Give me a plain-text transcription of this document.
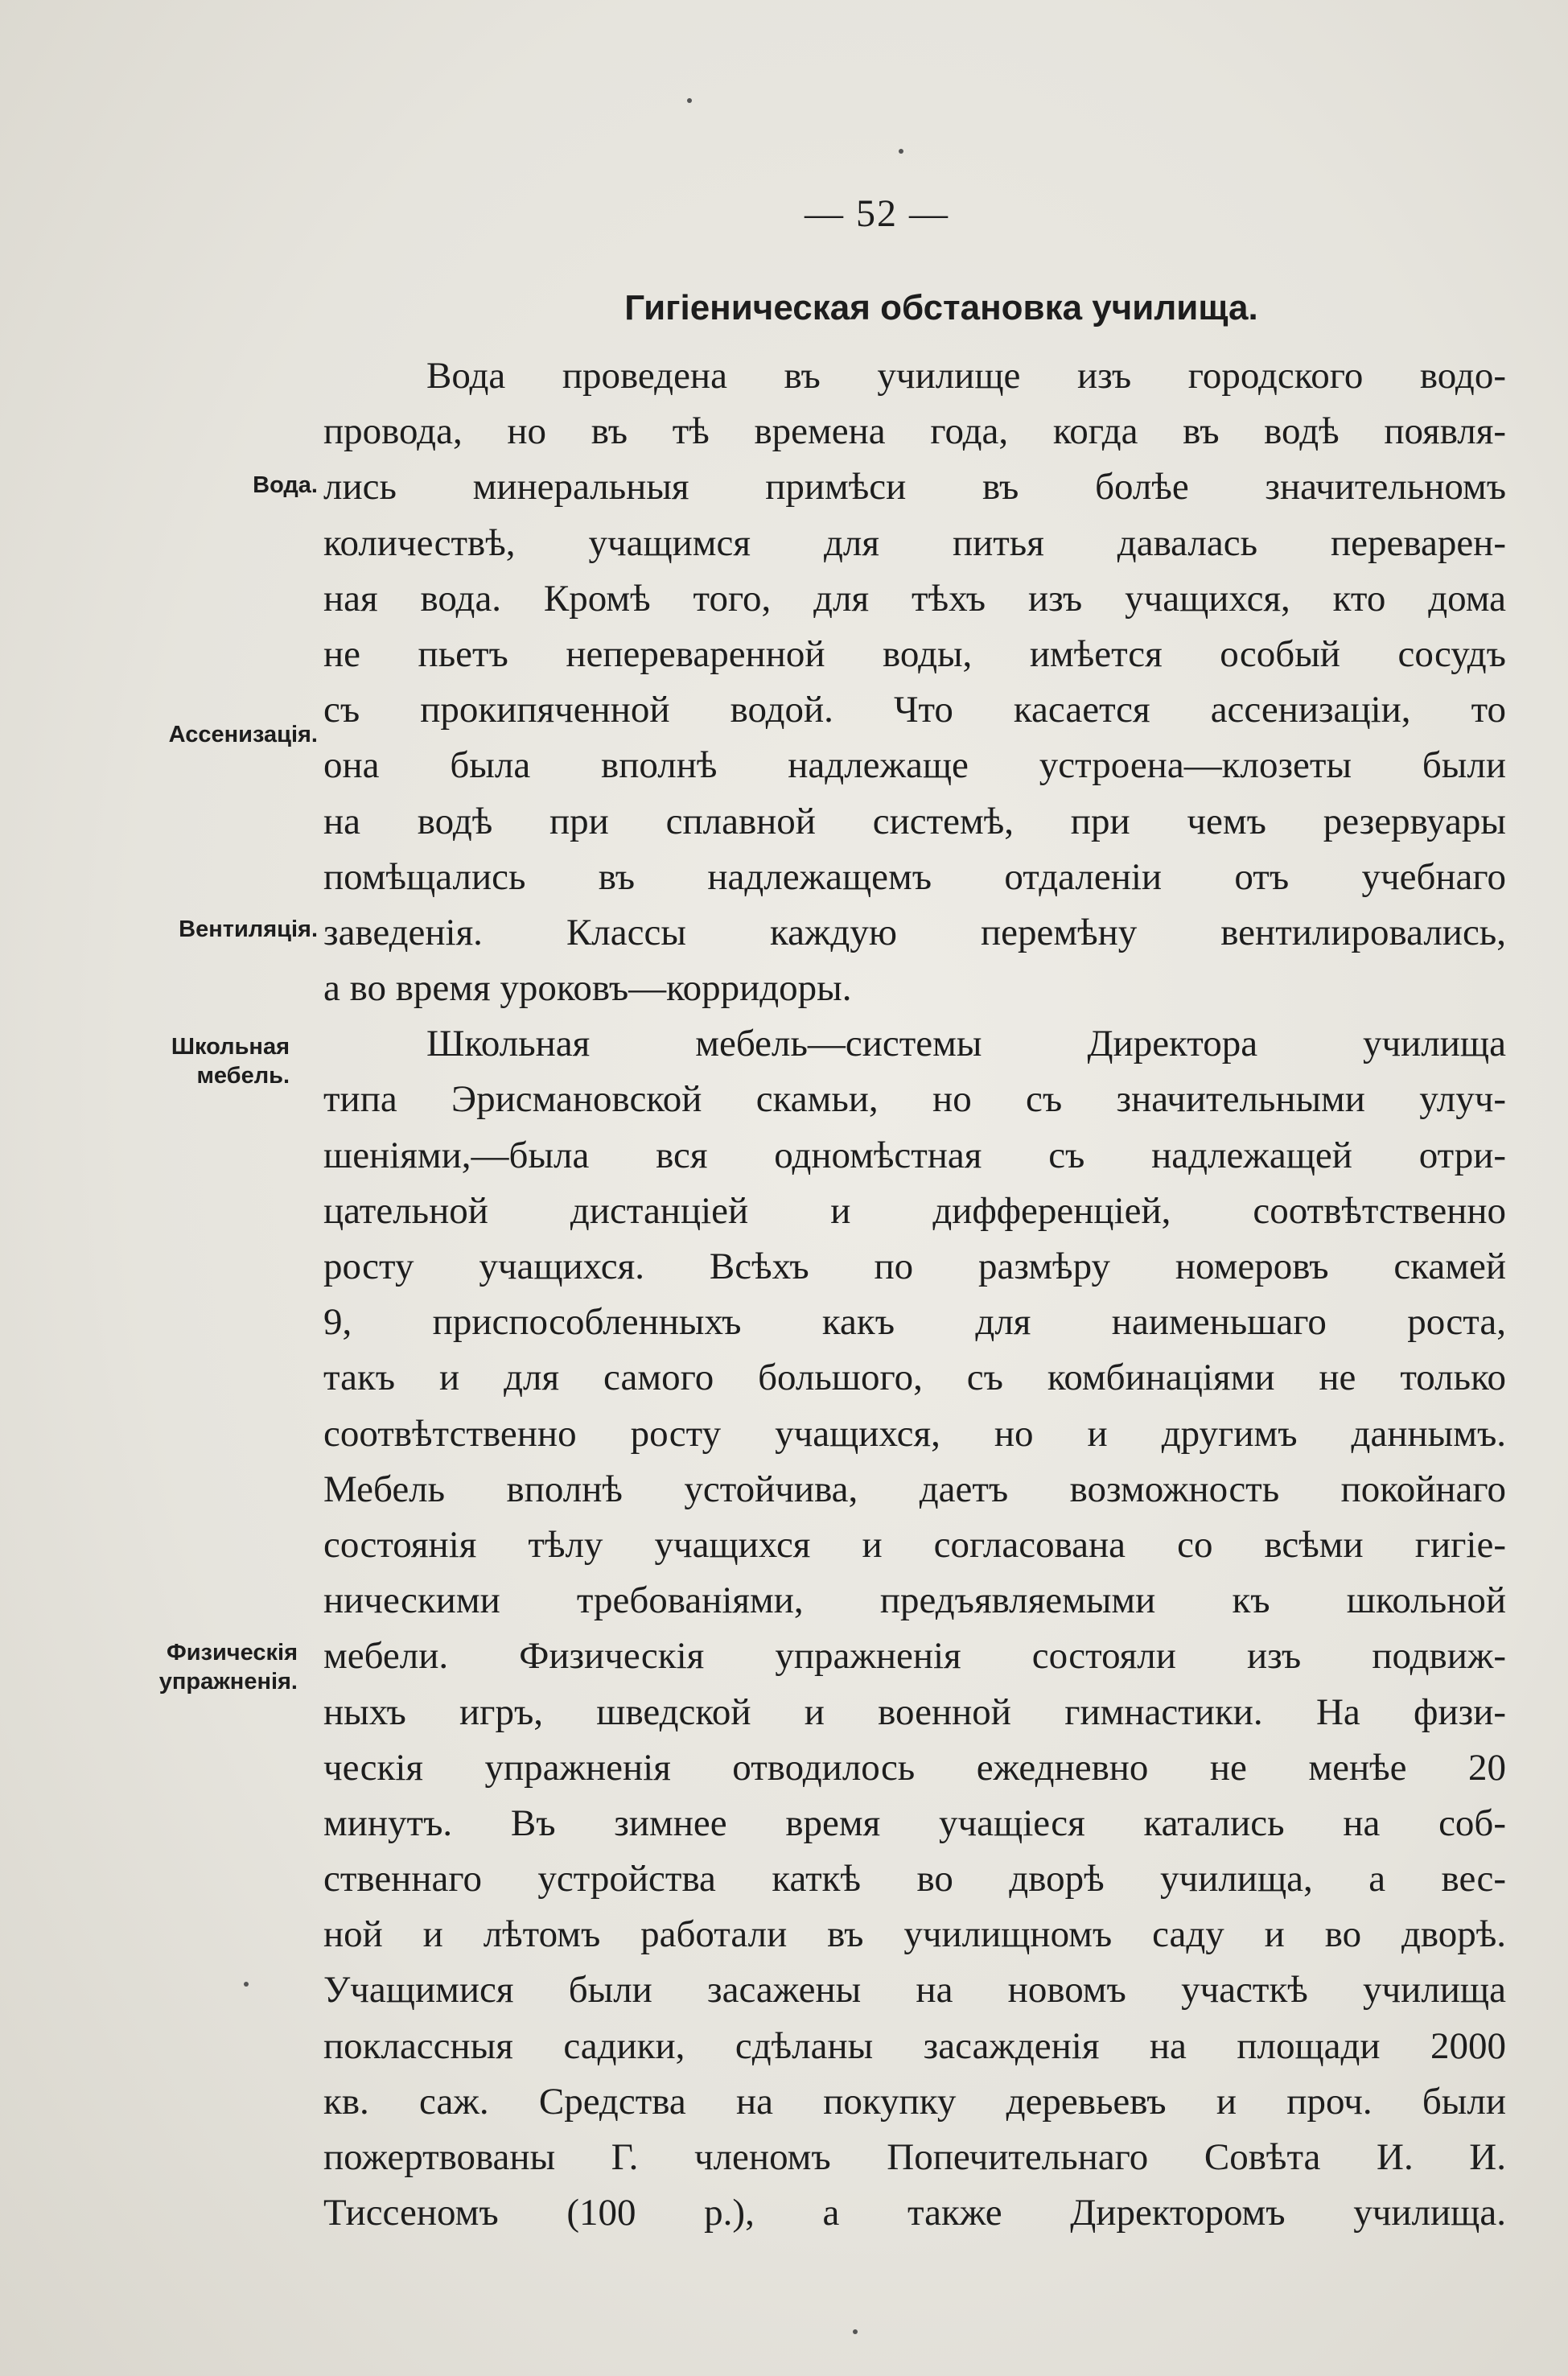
— 52 —
Гигіеническая обстановка училища.
Вода.
Ассенизація.
Вентиляція.
Школьная мебель.
Физическія упражненія.
Вода проведена въ училище изъ городского водо-
провода, но въ тѣ времена года, когда въ водѣ появля-
лись минеральныя примѣси въ болѣе значительномъ
количествѣ, учащимся для питья давалась переварен-
ная вода. Кромѣ того, для тѣхъ изъ учащихся, кто дома
не пьетъ непереваренной воды, имѣется особый сосудъ
съ прокипяченной водой. Что касается ассенизаціи, то
она была вполнѣ надлежаще устроена—клозеты были
на водѣ при сплавной системѣ, при чемъ резервуары
помѣщались въ надлежащемъ отдаленіи отъ учебнаго
заведенія. Классы каждую перемѣну вентилировались,
а во время уроковъ—корридоры.
Школьная мебель—системы Директора училища
типа Эрисмановской скамьи, но съ значительными улуч-
шеніями,—была вся одномѣстная съ надлежащей отри-
цательной дистанціей и дифференціей, соотвѣтственно
росту учащихся. Всѣхъ по размѣру номеровъ скамей
9, приспособленныхъ какъ для наименьшаго роста,
такъ и для самого большого, съ комбинаціями не только
соотвѣтственно росту учащихся, но и другимъ даннымъ.
Мебель вполнѣ устойчива, даетъ возможность покойнаго
состоянія тѣлу учащихся и согласована со всѣми гигіе-
ническими требованіями, предъявляемыми къ школьной
мебели. Физическія упражненія состояли изъ подвиж-
ныхъ игръ, шведской и военной гимнастики. На физи-
ческія упражненія отводилось ежедневно не менѣе 20
минутъ. Въ зимнее время учащіеся катались на соб-
ственнаго устройства каткѣ во дворѣ училища, а вес-
ной и лѣтомъ работали въ училищномъ саду и во дворѣ.
Учащимися были засажены на новомъ участкѣ училища
поклассныя садики, сдѣланы засажденія на площади 2000
кв. саж. Средства на покупку деревьевъ и проч. были
пожертвованы Г. членомъ Попечительнаго Совѣта И. И.
Тиссеномъ (100 р.), а также Директоромъ училища.
